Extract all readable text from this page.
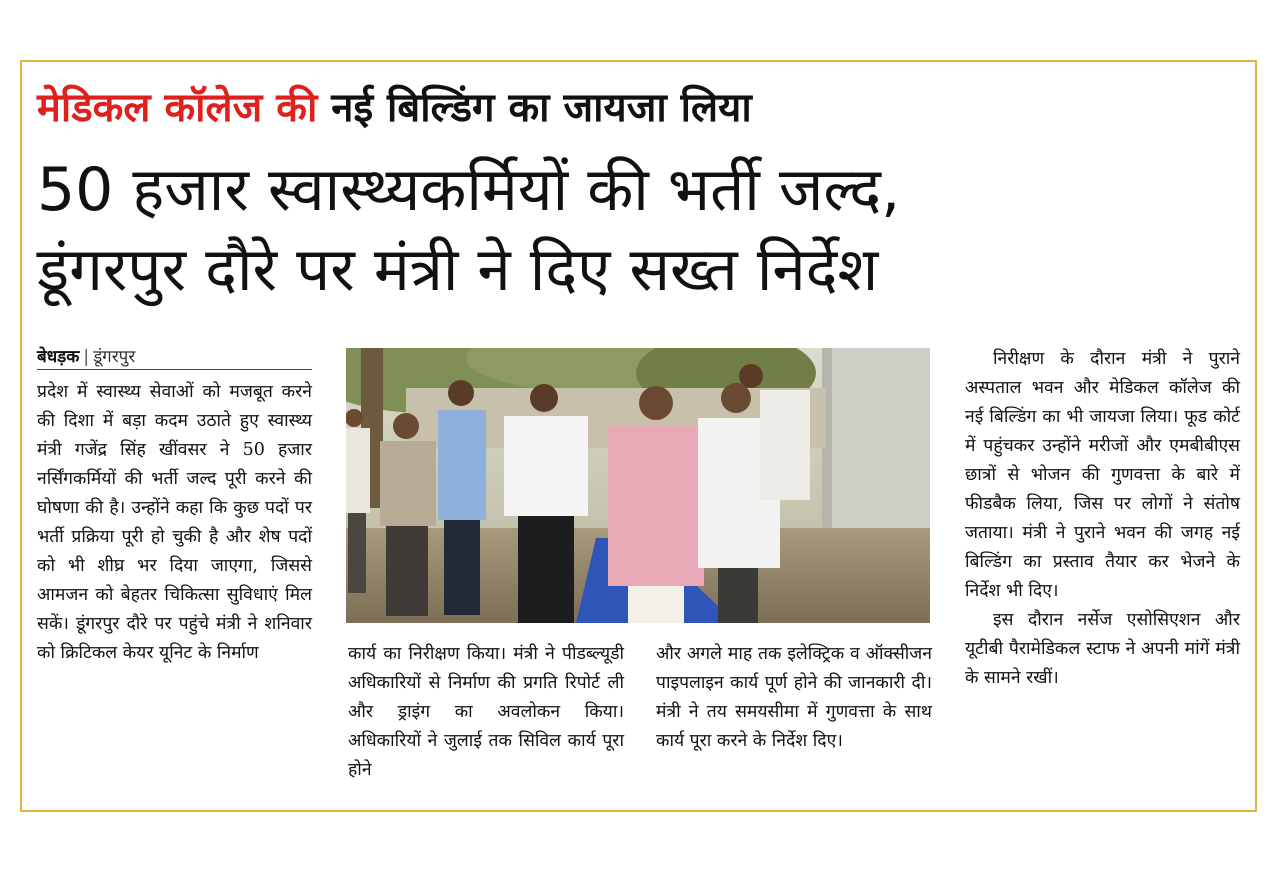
मेडिकल कॉलेज की नई बिल्डिंग का जायजा लिया
50 हजार स्वास्थ्यकर्मियों की भर्ती जल्द,
डूंगरपुर दौरे पर मंत्री ने दिए सख्त निर्देश
बेधड़क | डूंगरपुर

प्रदेश में स्वास्थ्य सेवाओं को मजबूत करने की दिशा में बड़ा कदम उठाते हुए स्वास्थ्य मंत्री गजेंद्र सिंह खींवसर ने 50 हजार नर्सिंगकर्मियों की भर्ती जल्द पूरी करने की घोषणा की है। उन्होंने कहा कि कुछ पदों पर भर्ती प्रक्रिया पूरी हो चुकी है और शेष पदों को भी शीघ्र भर दिया जाएगा, जिससे आमजन को बेहतर चिकित्सा सुविधाएं मिल सकें। डूंगरपुर दौरे पर पहुंचे मंत्री ने शनिवार को क्रिटिकल केयर यूनिट के निर्माण	कार्य का निरीक्षण किया। मंत्री ने पीडब्ल्यूडी अधिकारियों से निर्माण की प्रगति रिपोर्ट ली और ड्राइंग का अवलोकन किया। अधिकारियों ने जुलाई तक सिविल कार्य पूरा होने

और अगले माह तक इलेक्ट्रिक व ऑक्सीजन पाइपलाइन कार्य पूर्ण होने की जानकारी दी। मंत्री ने तय समयसीमा में गुणवत्ता के साथ कार्य पूरा करने के निर्देश दिए।

निरीक्षण के दौरान मंत्री ने पुराने अस्पताल भवन और मेडिकल कॉलेज की नई बिल्डिंग का भी जायजा लिया। फूड कोर्ट में पहुंचकर उन्होंने मरीजों और एमबीबीएस छात्रों से भोजन की गुणवत्ता के बारे में फीडबैक लिया, जिस पर लोगों ने संतोष जताया। मंत्री ने पुराने भवन की जगह नई बिल्डिंग का प्रस्ताव तैयार कर भेजने के निर्देश भी दिए।

इस दौरान नर्सेज एसोसिएशन और यूटीबी पैरामेडिकल स्टाफ ने अपनी मांगें मंत्री के सामने रखीं।
